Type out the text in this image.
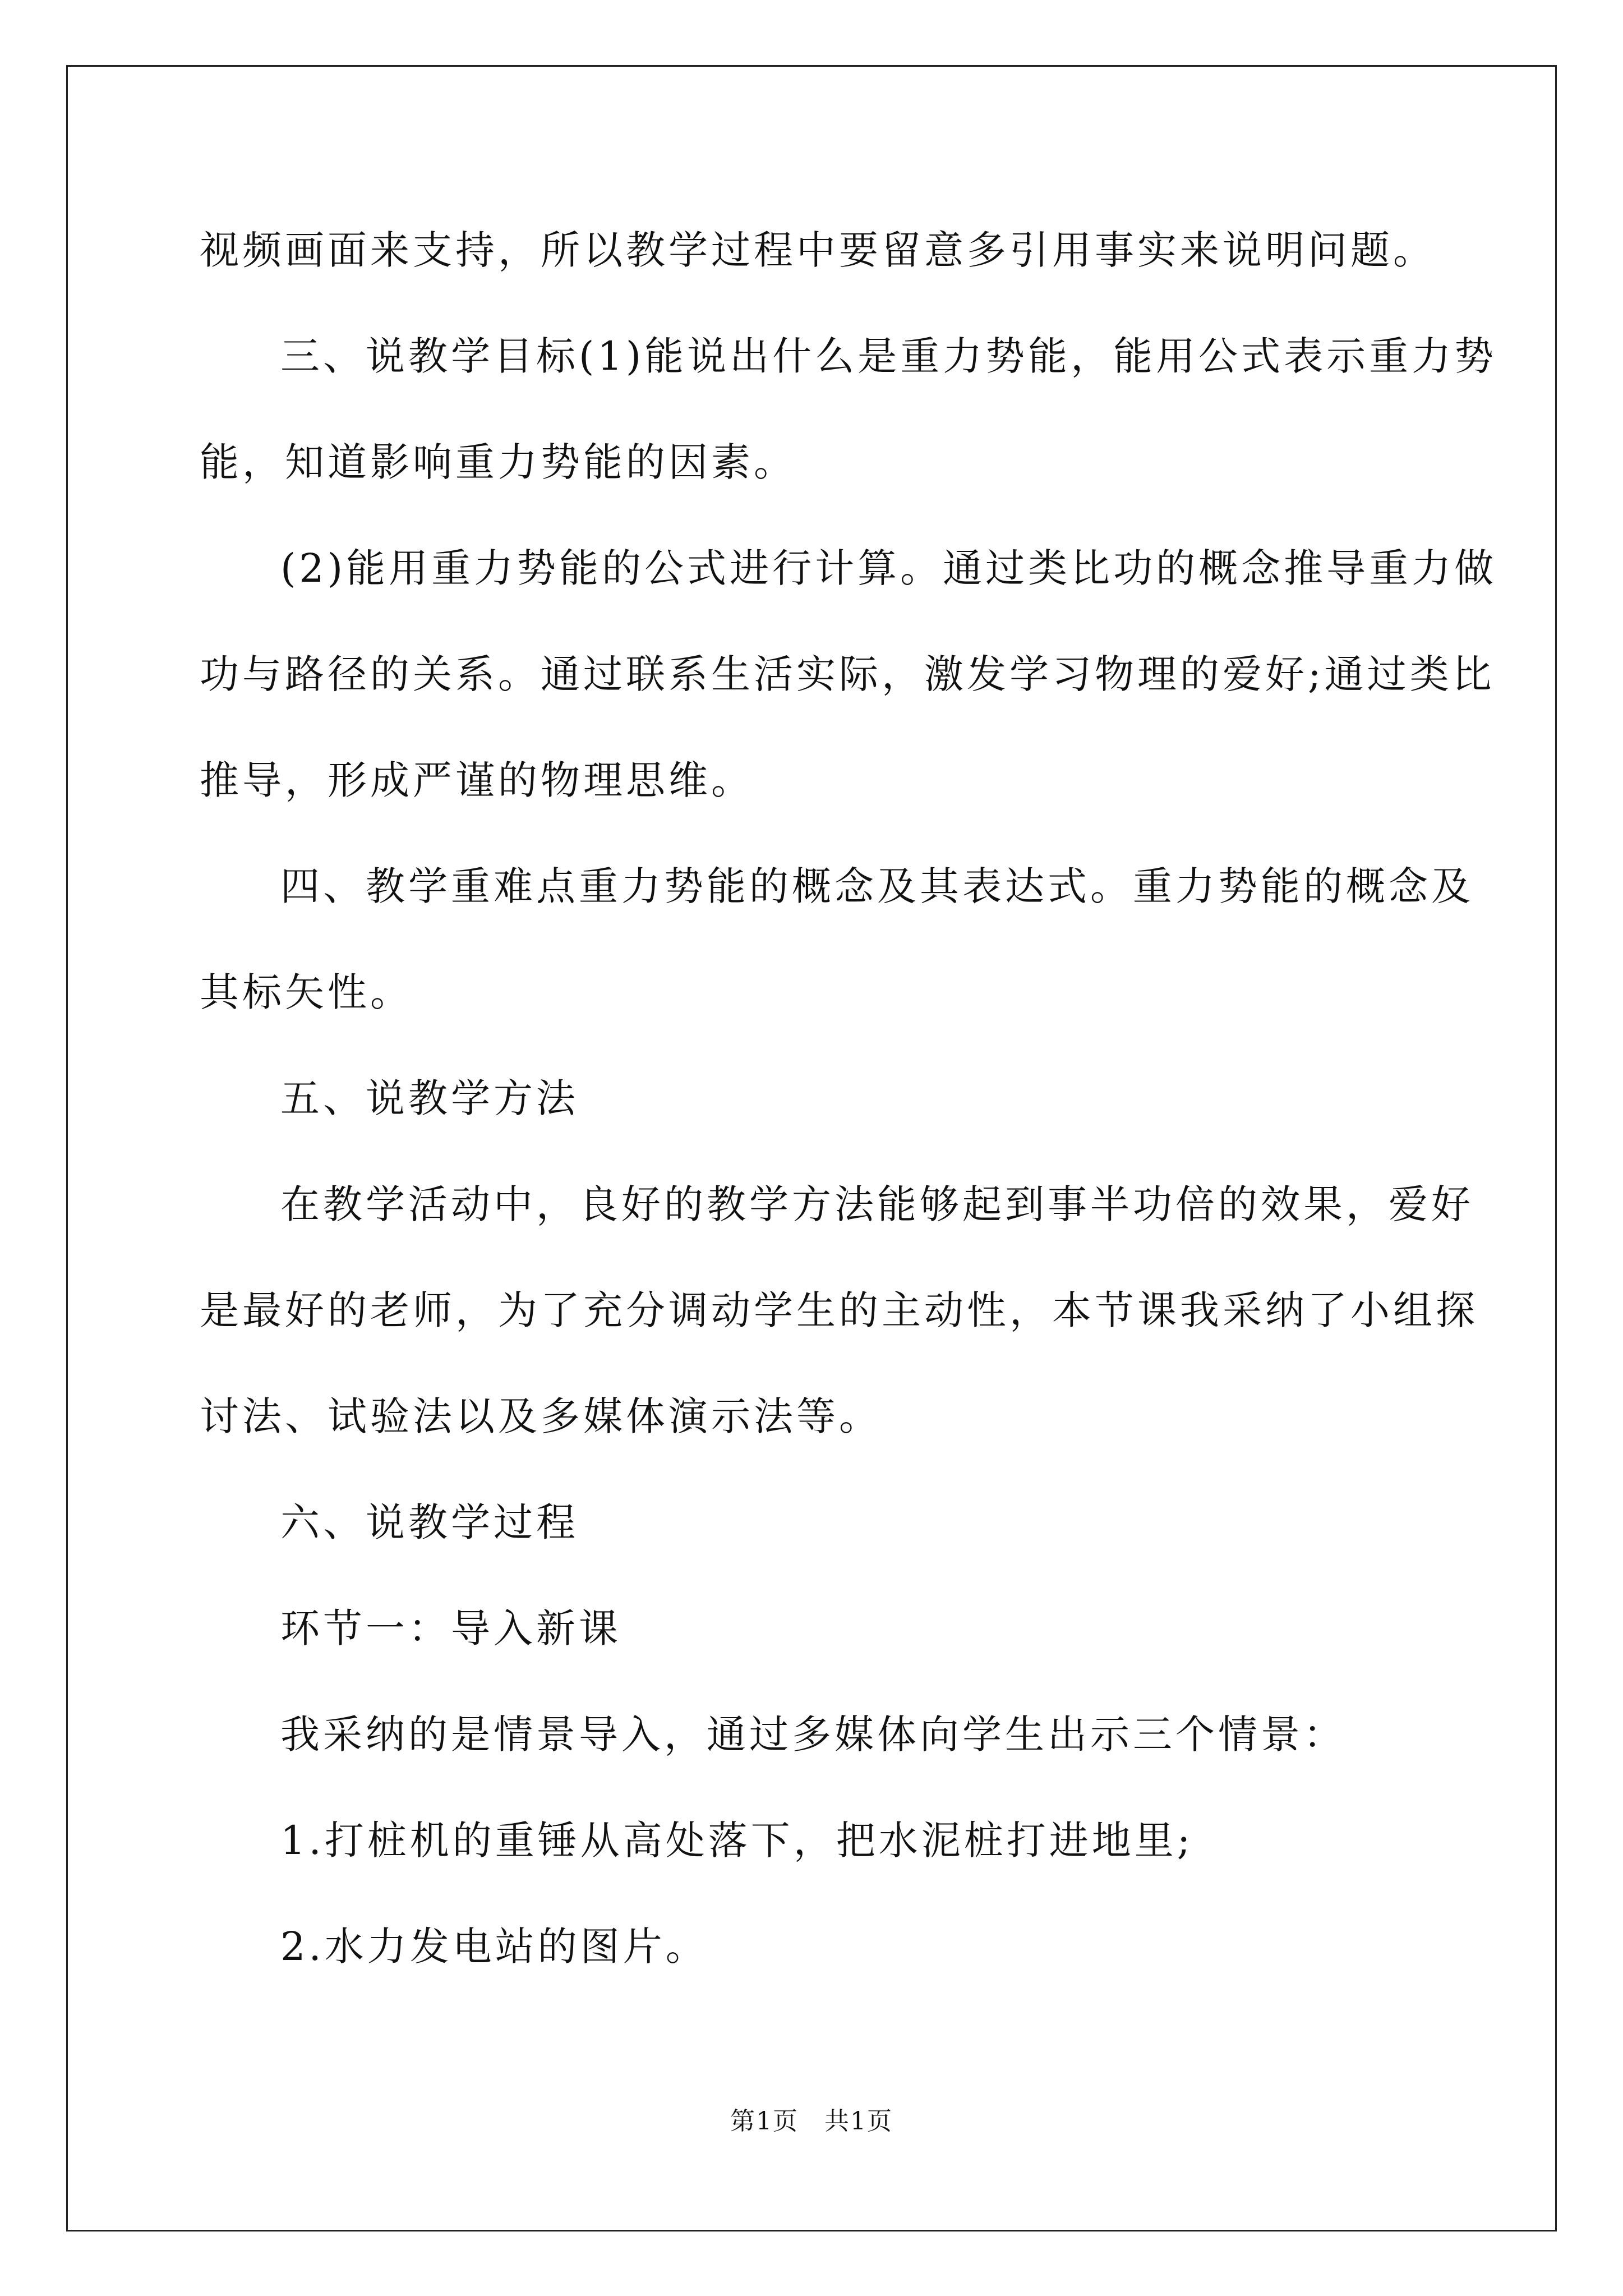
视频画面来支持，所以教学过程中要留意多引用事实来说明问题。
三、说教学目标(1)能说出什么是重力势能，能用公式表示重力势
能，知道影响重力势能的因素。
(2)能用重力势能的公式进行计算。通过类比功的概念推导重力做
功与路径的关系。通过联系生活实际，激发学习物理的爱好;通过类比
推导，形成严谨的物理思维。
四、教学重难点重力势能的概念及其表达式。重力势能的概念及
其标矢性。
五、说教学方法
在教学活动中，良好的教学方法能够起到事半功倍的效果，爱好
是最好的老师，为了充分调动学生的主动性，本节课我采纳了小组探
讨法、试验法以及多媒体演示法等。
六、说教学过程
环节一：导入新课
我采纳的是情景导入，通过多媒体向学生出示三个情景：
1.打桩机的重锤从高处落下，把水泥桩打进地里;
2.水力发电站的图片。
第1页　共1页
